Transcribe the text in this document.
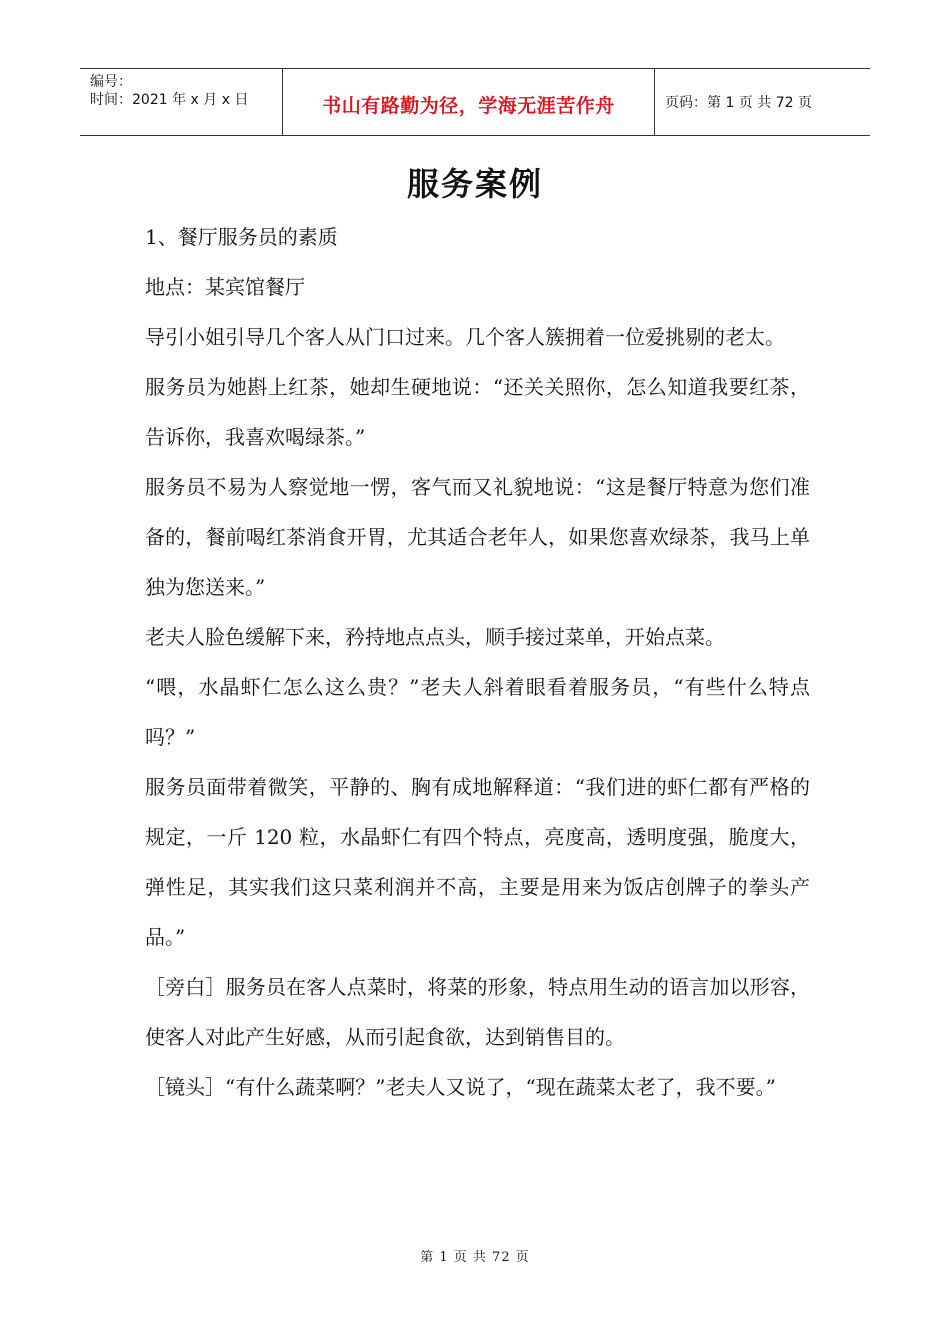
编号：
时间：2021 年 x 月 x 日	书山有路勤为径，学海无涯苦作舟	页码：第 1 页 共 72 页
服务案例

1、餐厅服务员的素质

地点：某宾馆餐厅

导引小姐引导几个客人从门口过来。几个客人簇拥着一位爱挑剔的老太。

服务员为她斟上红茶，她却生硬地说：“还关关照你，怎么知道我要红茶，告诉你，我喜欢喝绿茶。”

服务员不易为人察觉地一愣，客气而又礼貌地说：“这是餐厅特意为您们准备的，餐前喝红茶消食开胃，尤其适合老年人，如果您喜欢绿茶，我马上单独为您送来。”

老夫人脸色缓解下来，矜持地点点头，顺手接过菜单，开始点菜。

“喂，水晶虾仁怎么这么贵？”老夫人斜着眼看着服务员，“有些什么特点吗？”

服务员面带着微笑，平静的、胸有成地解释道：“我们进的虾仁都有严格的规定，一斤 120 粒，水晶虾仁有四个特点，亮度高，透明度强，脆度大，弹性足，其实我们这只菜利润并不高，主要是用来为饭店创牌子的拳头产品。”

［旁白］服务员在客人点菜时，将菜的形象，特点用生动的语言加以形容，使客人对此产生好感，从而引起食欲，达到销售目的。

［镜头］“有什么蔬菜啊？”老夫人又说了，“现在蔬菜太老了，我不要。”

第 1 页 共 72 页
